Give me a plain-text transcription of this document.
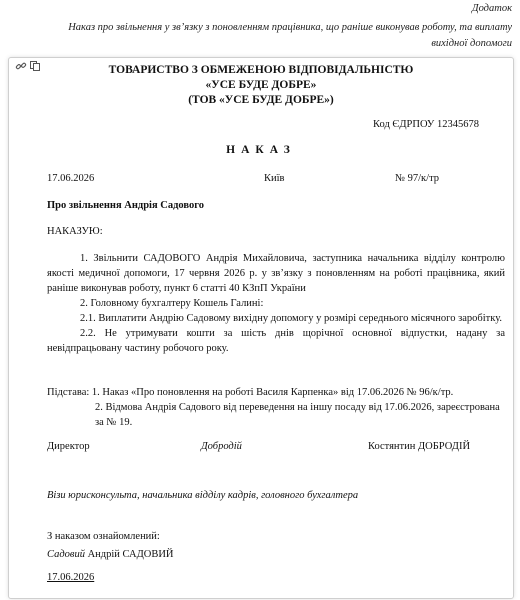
Додаток
Наказ про звільнення у зв’язку з поновленням працівника, що раніше виконував роботу, та виплату вихідної допомоги
ТОВАРИСТВО З ОБМЕЖЕНОЮ ВІДПОВІДАЛЬНІСТЮ
«УСЕ БУДЕ ДОБРЕ»
(ТОВ «УСЕ БУДЕ ДОБРЕ»)
Код ЄДРПОУ 12345678
НАКАЗ
17.06.2026	Київ	№ 97/к/тр
Про звільнення Андрія Садового
НАКАЗУЮ:

1. Звільнити САДОВОГО Андрія Михайловича, заступника начальника відділу контролю якості медичної допомоги, 17 червня 2026 р. у зв’язку з поновленням на роботі працівника, який раніше виконував роботу, пункт 6 статті 40 КЗпП України

2. Головному бухгалтеру Кошель Галині:

2.1. Виплатити Андрію Садовому вихідну допомогу у розмірі середнього місячного заробітку.

2.2. Не утримувати кошти за шість днів щорічної основної відпустки, надану за невідпрацьовану частину робочого року.

Підстава: 1. Наказ «Про поновлення на роботі Василя Карпенка» від 17.06.2026 № 96/к/тр.

2. Відмова Андрія Садового від переведення на іншу посаду від 17.06.2026, зареєстрована за № 19.

Директор	Добродій	Костянтин ДОБРОДІЙ
Візи юрисконсульта, начальника відділу кадрів, головного бухгалтера
З наказом ознайомлений:
Садовий Андрій САДОВИЙ
17.06.2026
